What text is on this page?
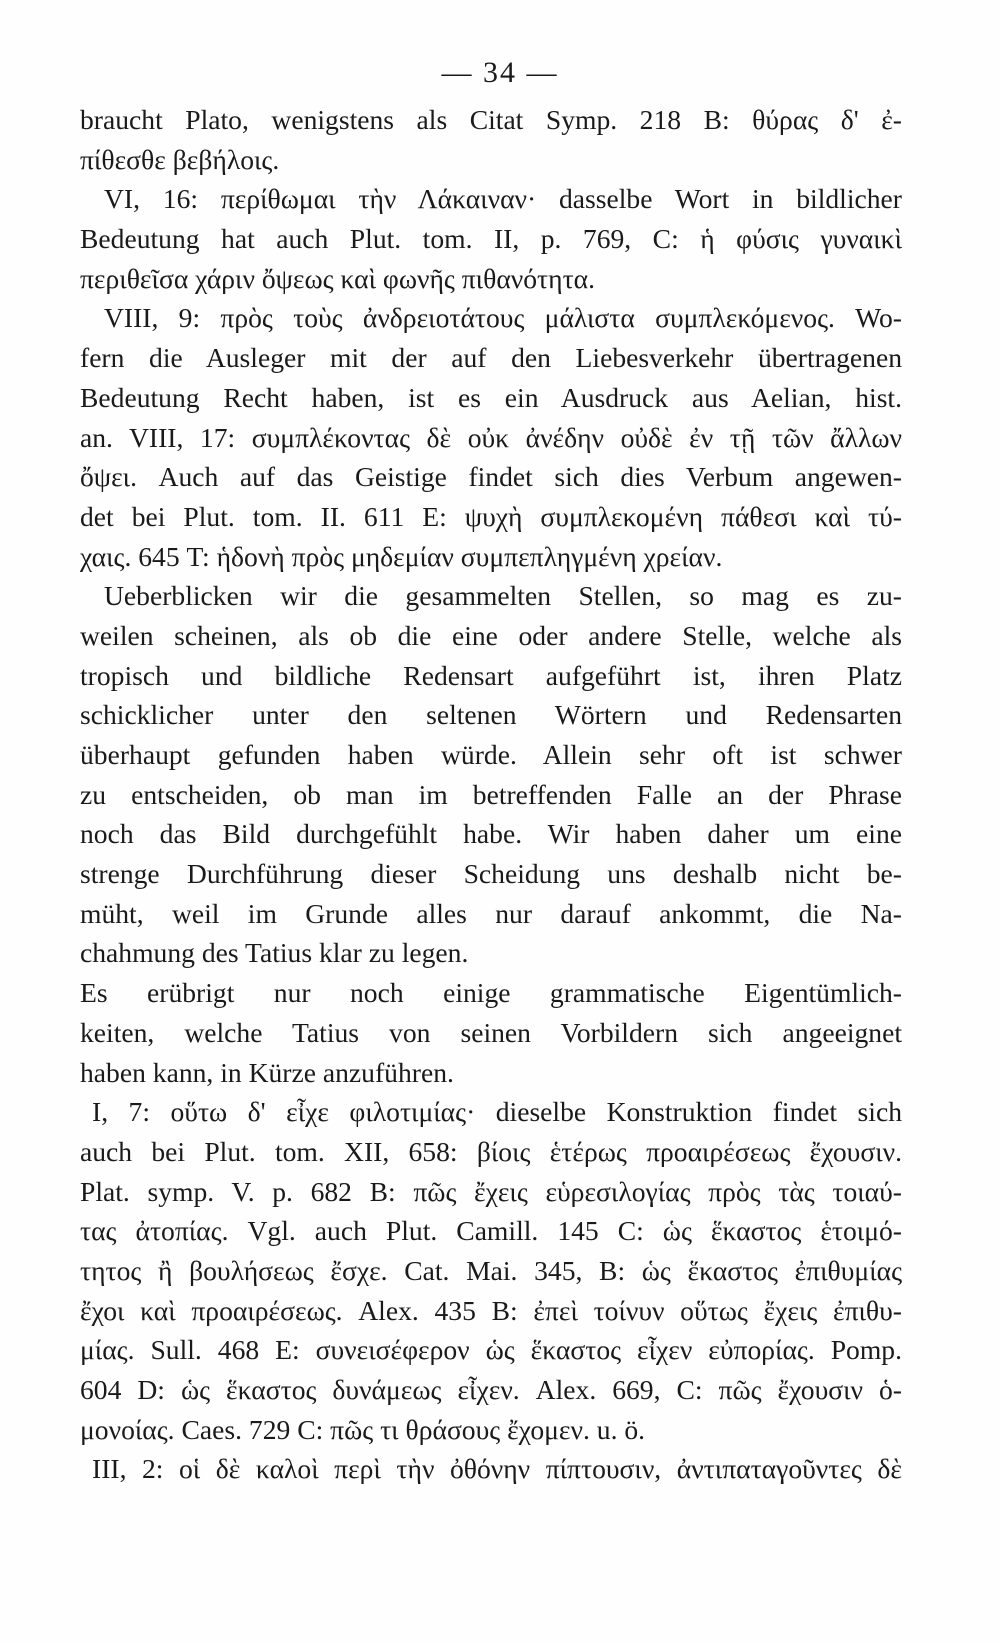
— 34 —
braucht Plato, wenigstens als Citat Symp. 218 B: θύρας δ' ἐ-
πίθεσθε βεβήλοις.
VI, 16: περίθωμαι τὴν Λάκαιναν· dasselbe Wort in bildlicher
Bedeutung hat auch Plut. tom. II, p. 769, C: ἡ φύσις γυναικὶ
περιθεῖσα χάριν ὄψεως καὶ φωνῆς πιθανότητα.
VIII, 9: πρὸς τοὺς ἀνδρειοτάτους μάλιστα συμπλεκόμενος. Wo-
fern die Ausleger mit der auf den Liebesverkehr übertragenen
Bedeutung Recht haben, ist es ein Ausdruck aus Aelian, hist.
an. VIII, 17: συμπλέκοντας δὲ οὐκ ἀνέδην οὐδὲ ἐν τῇ τῶν ἄλλων
ὄψει. Auch auf das Geistige findet sich dies Verbum angewen-
det bei Plut. tom. II. 611 E: ψυχὴ συμπλεκομένη πάθεσι καὶ τύ-
χαις. 645 T: ἡδονὴ πρὸς μηδεμίαν συμπεπληγμένη χρείαν.
Ueberblicken wir die gesammelten Stellen, so mag es zu-
weilen scheinen, als ob die eine oder andere Stelle, welche als
tropisch und bildliche Redensart aufgeführt ist, ihren Platz
schicklicher unter den seltenen Wörtern und Redensarten
überhaupt gefunden haben würde. Allein sehr oft ist schwer
zu entscheiden, ob man im betreffenden Falle an der Phrase
noch das Bild durchgefühlt habe. Wir haben daher um eine
strenge Durchführung dieser Scheidung uns deshalb nicht be-
müht, weil im Grunde alles nur darauf ankommt, die Na-
chahmung des Tatius klar zu legen.
Es erübrigt nur noch einige grammatische Eigentümlich-
keiten, welche Tatius von seinen Vorbildern sich angeeignet
haben kann, in Kürze anzuführen.
I, 7: οὕτω δ' εἶχε φιλοτιμίας· dieselbe Konstruktion findet sich
auch bei Plut. tom. XII, 658: βίοις ἑτέρως προαιρέσεως ἔχουσιν.
Plat. symp. V. p. 682 B: πῶς ἔχεις εὑρεσιλογίας πρὸς τὰς τοιαύ-
τας ἀτοπίας. Vgl. auch Plut. Camill. 145 C: ὡς ἕκαστος ἑτοιμό-
τητος ἢ βουλήσεως ἔσχε. Cat. Mai. 345, B: ὡς ἕκαστος ἐπιθυμίας
ἔχοι καὶ προαιρέσεως. Alex. 435 B: ἐπεὶ τοίνυν οὕτως ἔχεις ἐπιθυ-
μίας. Sull. 468 E: συνεισέφερον ὡς ἕκαστος εἶχεν εὐπορίας. Pomp.
604 D: ὡς ἕκαστος δυνάμεως εἶχεν. Alex. 669, C: πῶς ἔχουσιν ὁ-
μονοίας. Caes. 729 C: πῶς τι θράσους ἔχομεν. u. ö.
III, 2: οἱ δὲ καλοὶ περὶ τὴν ὀθόνην πίπτουσιν, ἀντιπαταγοῦντες δὲ
